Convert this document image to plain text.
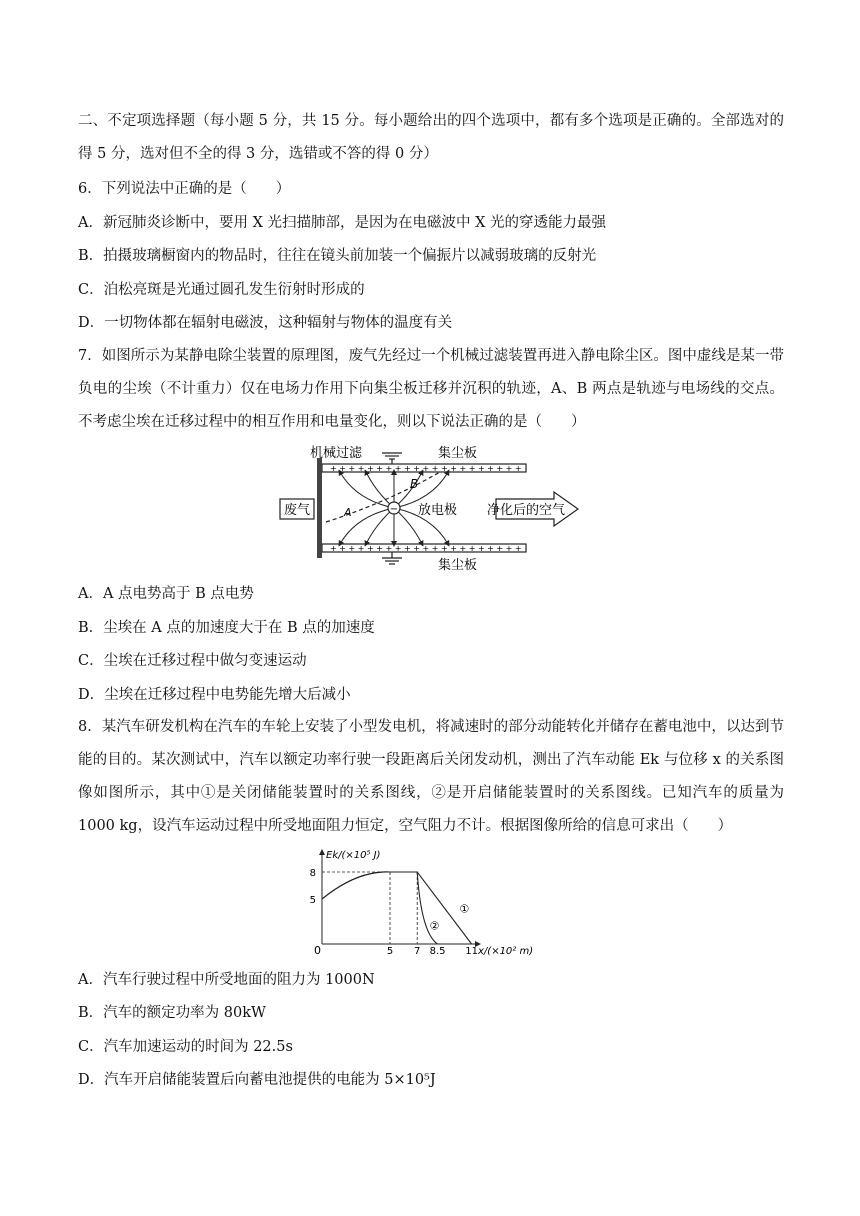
二、不定项选择题（每小题 5 分，共 15 分。每小题给出的四个选项中，都有多个选项是正确的。全部选对的得 5 分，选对但不全的得 3 分，选错或不答的得 0 分）
6．下列说法中正确的是（　　）
A．新冠肺炎诊断中，要用 X 光扫描肺部，是因为在电磁波中 X 光的穿透能力最强
B．拍摄玻璃橱窗内的物品时，往往在镜头前加装一个偏振片以减弱玻璃的反射光
C．泊松亮斑是光通过圆孔发生衍射时形成的
D．一切物体都在辐射电磁波，这种辐射与物体的温度有关
7．如图所示为某静电除尘装置的原理图，废气先经过一个机械过滤装置再进入静电除尘区。图中虚线是某一带负电的尘埃（不计重力）仅在电场力作用下向集尘板迁移并沉积的轨迹，A、B 两点是轨迹与电场线的交点。不考虑尘埃在迁移过程中的相互作用和电量变化，则以下说法正确的是（　　）
+ + + + + + + + + + + + + + + + + + + + +
+ + + + + + + + + + + + + + + + + + + + +
A
B
−
废气	净化后的空气
机械过滤	集尘板
放电极
集尘板
A．A 点电势高于 B 点电势
B．尘埃在 A 点的加速度大于在 B 点的加速度
C．尘埃在迁移过程中做匀变速运动
D．尘埃在迁移过程中电势能先增大后减小
8．某汽车研发机构在汽车的车轮上安装了小型发电机，将减速时的部分动能转化并储存在蓄电池中，以达到节能的目的。某次测试中，汽车以额定功率行驶一段距离后关闭发动机，测出了汽车动能 Ek 与位移 x 的关系图像如图所示，其中①是关闭储能装置时的关系图线，②是开启储能装置时的关系图线。已知汽车的质量为 1000 kg，设汽车运动过程中所受地面阻力恒定，空气阻力不计。根据图像所给的信息可求出（　　）
①
②
5 7 8.5 11
5
8
0
Ek/(×10⁵ J)
x/(×10² m)
A．汽车行驶过程中所受地面的阻力为 1000N
B．汽车的额定功率为 80kW
C．汽车加速运动的时间为 22.5s
D．汽车开启储能装置后向蓄电池提供的电能为 5×10⁵J
